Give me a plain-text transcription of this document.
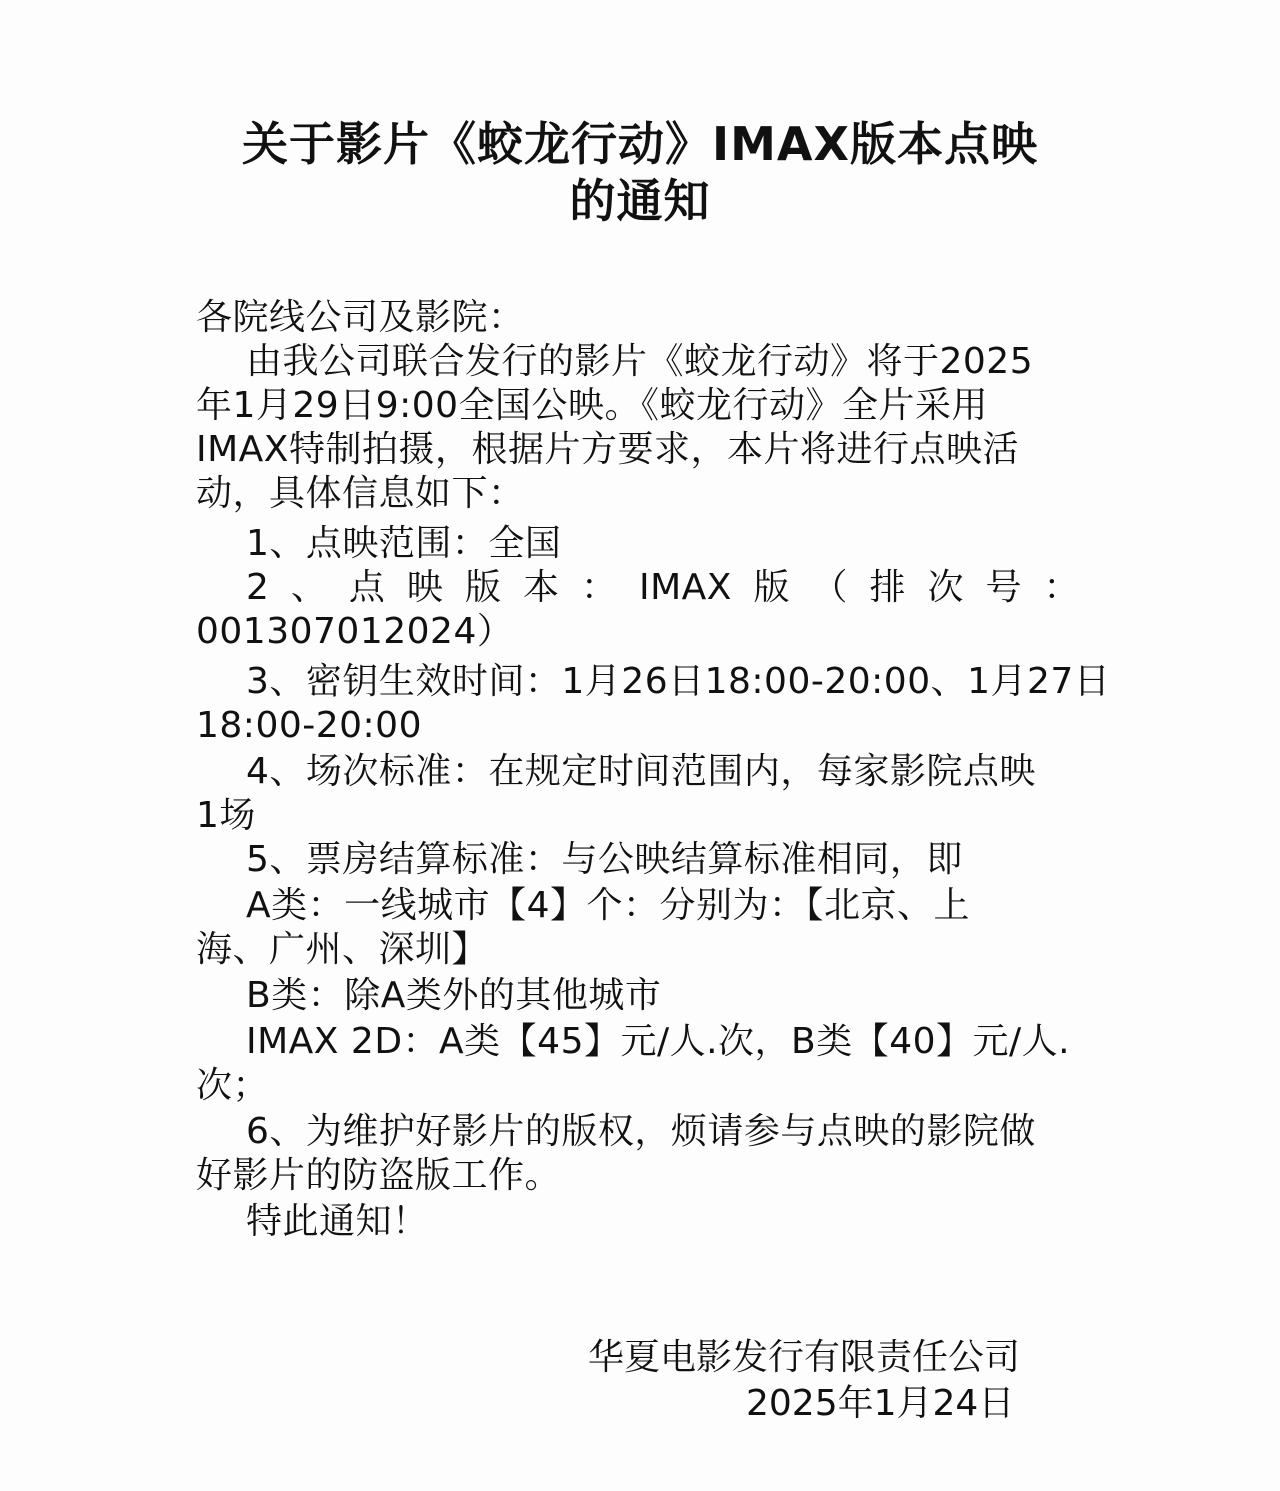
关于影片《蛟龙行动》IMAX版本点映
的通知
各院线公司及影院：
由我公司联合发行的影片《蛟龙行动》将于2025
年1月29日9:00全国公映。《蛟龙行动》全片采用
IMAX特制拍摄，根据片方要求，本片将进行点映活
动，具体信息如下：
1、点映范围：全国
2、点映版本：IMAX版（排次号：
001307012024）
3、密钥生效时间：1月26日18:00-20:00、1月27日
18:00-20:00
4、场次标准：在规定时间范围内，每家影院点映
1场
5、票房结算标准：与公映结算标准相同，即
A类：一线城市【4】个：分别为：【北京、上
海、广州、深圳】
B类：除A类外的其他城市
IMAX 2D：A类【45】元/人.次，B类【40】元/人.
次；
6、为维护好影片的版权，烦请参与点映的影院做
好影片的防盗版工作。
特此通知！
华夏电影发行有限责任公司
2025年1月24日
